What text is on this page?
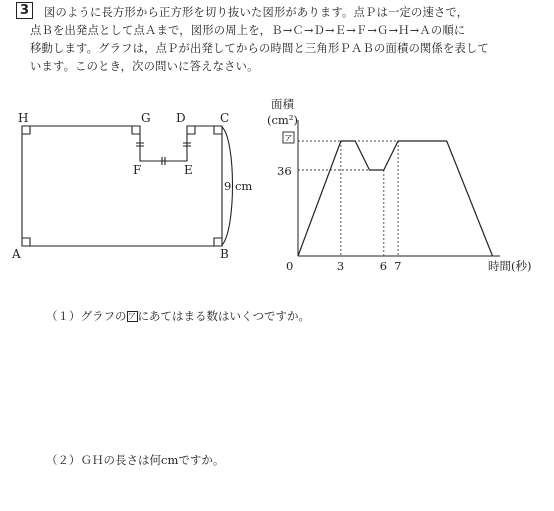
3	図のように長方形から正方形を切り抜いた図形があります。点Ｐは一定の速さで，
点Ｂを出発点として点Ａまで，図形の周上を，Ｂ→Ｃ→Ｄ→Ｅ→Ｆ→Ｇ→Ｈ→Ａの順に
移動します。グラフは，点Ｐが出発してからの時間と三角形ＰＡＢの面積の関係を表して
います。このとき，次の問いに答えなさい。
H	G D	C
F	E
A	B
9 cm
面積
(cm²)
時間(秒)
36
ア
0	3	6 7
（１）グラフの ア にあてはまる数はいくつですか。
（２）ＧＨの長さは何cmですか。
